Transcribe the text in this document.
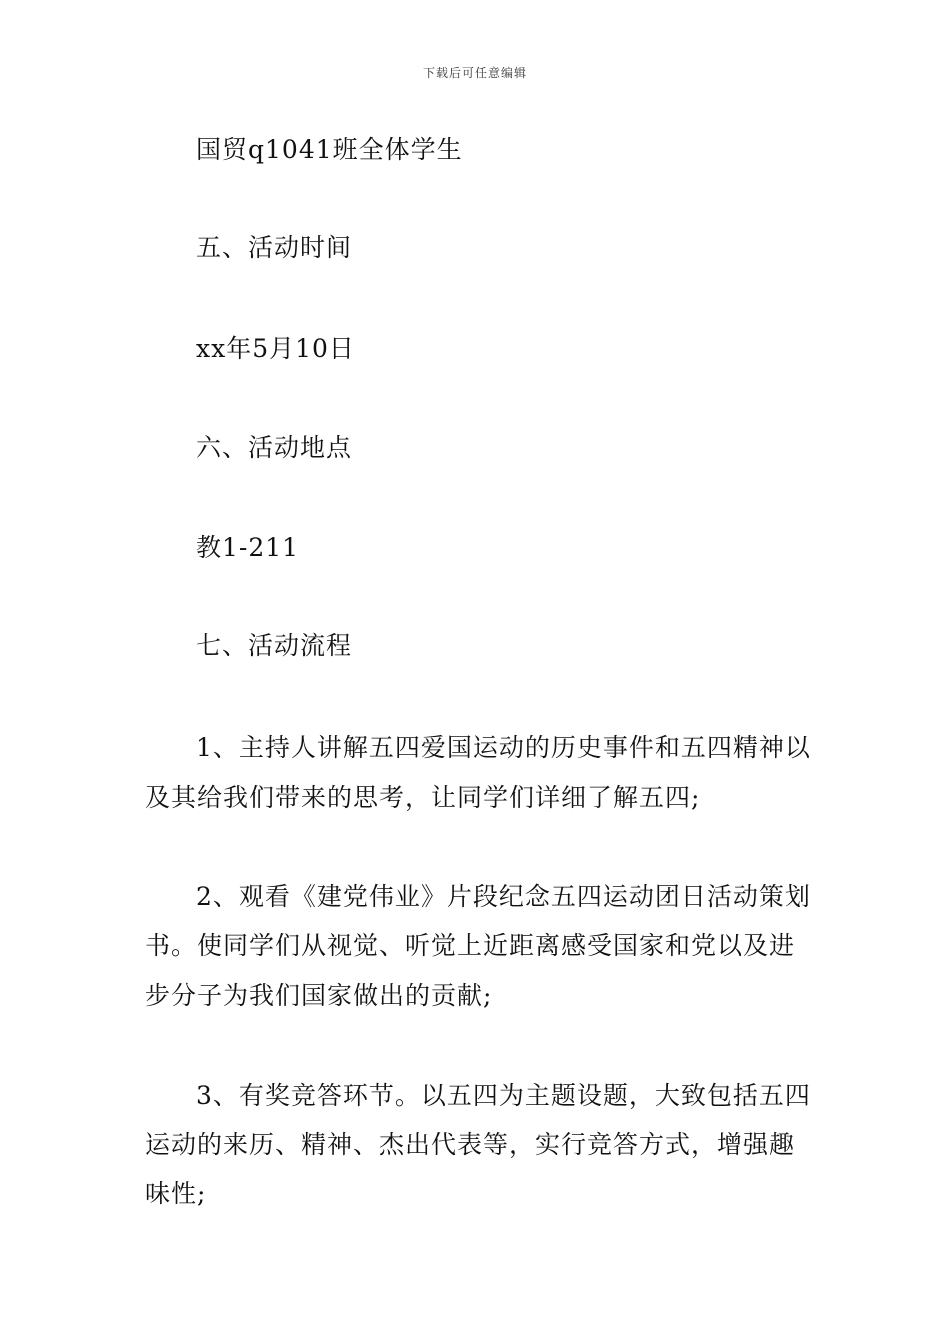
下载后可任意编辑
国贸q1041班全体学生
五、活动时间
xx年5月10日
六、活动地点
教1-211
七、活动流程
1、主持人讲解五四爱国运动的历史事件和五四精神以
及其给我们带来的思考，让同学们详细了解五四;
2、观看《建党伟业》片段纪念五四运动团日活动策划
书。使同学们从视觉、听觉上近距离感受国家和党以及进
步分子为我们国家做出的贡献;
3、有奖竞答环节。以五四为主题设题，大致包括五四
运动的来历、精神、杰出代表等，实行竞答方式，增强趣
味性;
